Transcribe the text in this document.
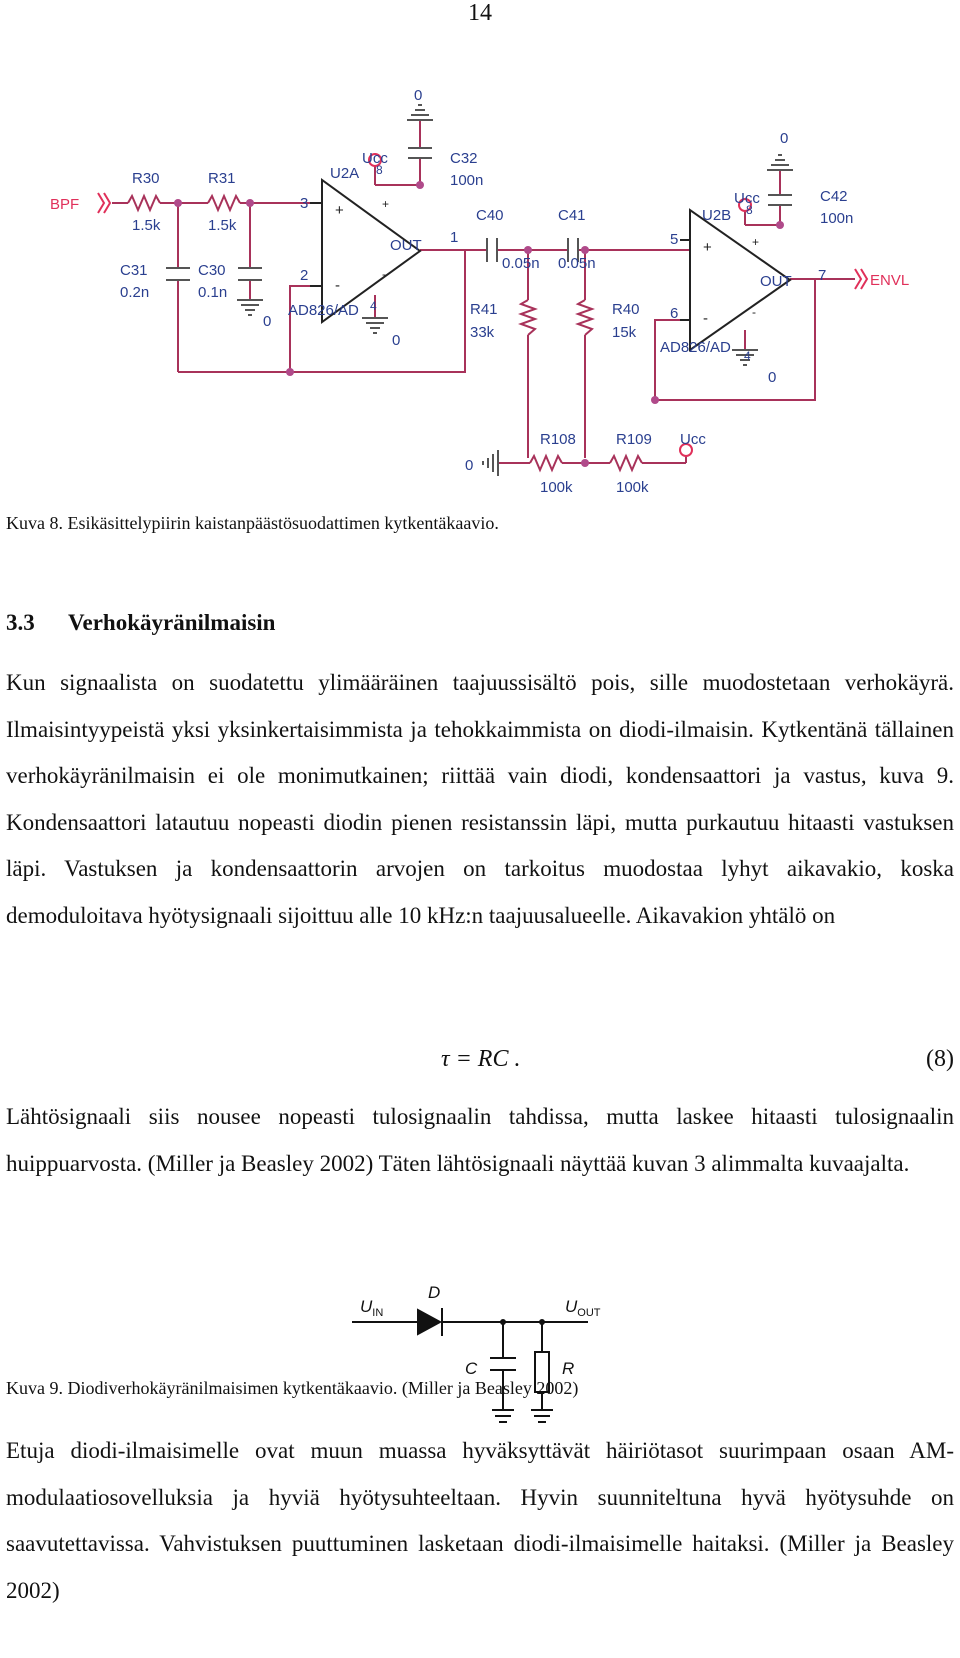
14
BPF
ENVL
R30
1.5k
R31
1.5k
C31
0.2n
C30
0.1n
0
U2A
Ucc
8
3
2
+
-
+
-
OUT
AD826/AD 4
0
0
C32
100n
1
C40
0.05n
C41
0.05n
R41
33k
R40
15k
5
6
U2B
Ucc
8
+
-
+
-
OUT 7
AD826/AD 4
0
0
C42
100n
0
R108
100k
R109
100k
Ucc
Kuva 8. Esikäsittelypiirin kaistanpäästösuodattimen kytkentäkaavio.
3.3 Verhokäyränilmaisin
Kun signaalista on suodatettu ylimääräinen taajuussisältö pois, sille muodostetaan verhokäyrä. Ilmaisintyypeistä yksi yksinkertaisimmista ja tehokkaimmista on diodi-ilmaisin. Kytkentänä tällainen verhokäyränilmaisin ei ole monimutkainen; riittää vain diodi, kondensaattori ja vastus, kuva 9. Kondensaattori latautuu nopeasti diodin pienen resistanssin läpi, mutta purkautuu hitaasti vastuksen läpi. Vastuksen ja kondensaattorin arvojen on tarkoitus muodostaa lyhyt aikavakio, koska demoduloitava hyötysignaali sijoittuu alle 10 kHz:n taajuusalueelle. Aikavakion yhtälö on
τ = RC .	(8)
Lähtösignaali siis nousee nopeasti tulosignaalin tahdissa, mutta laskee hitaasti tulosignaalin huippuarvosta. (Miller ja Beasley 2002) Täten lähtösignaali näyttää kuvan 3 alimmalta kuvaajalta.
$U_{IN}$
D
$U_{OUT}$
C	R
Kuva 9. Diodiverhokäyränilmaisimen kytkentäkaavio. (Miller ja Beasley 2002)
Etuja diodi-ilmaisimelle ovat muun muassa hyväksyttävät häiriötasot suurimpaan osaan AM-modulaatiosovelluksia ja hyviä hyötysuhteeltaan. Hyvin suunniteltuna hyvä hyötysuhde on saavutettavissa. Vahvistuksen puuttuminen lasketaan diodi-ilmaisimelle haitaksi. (Miller ja Beasley 2002)
